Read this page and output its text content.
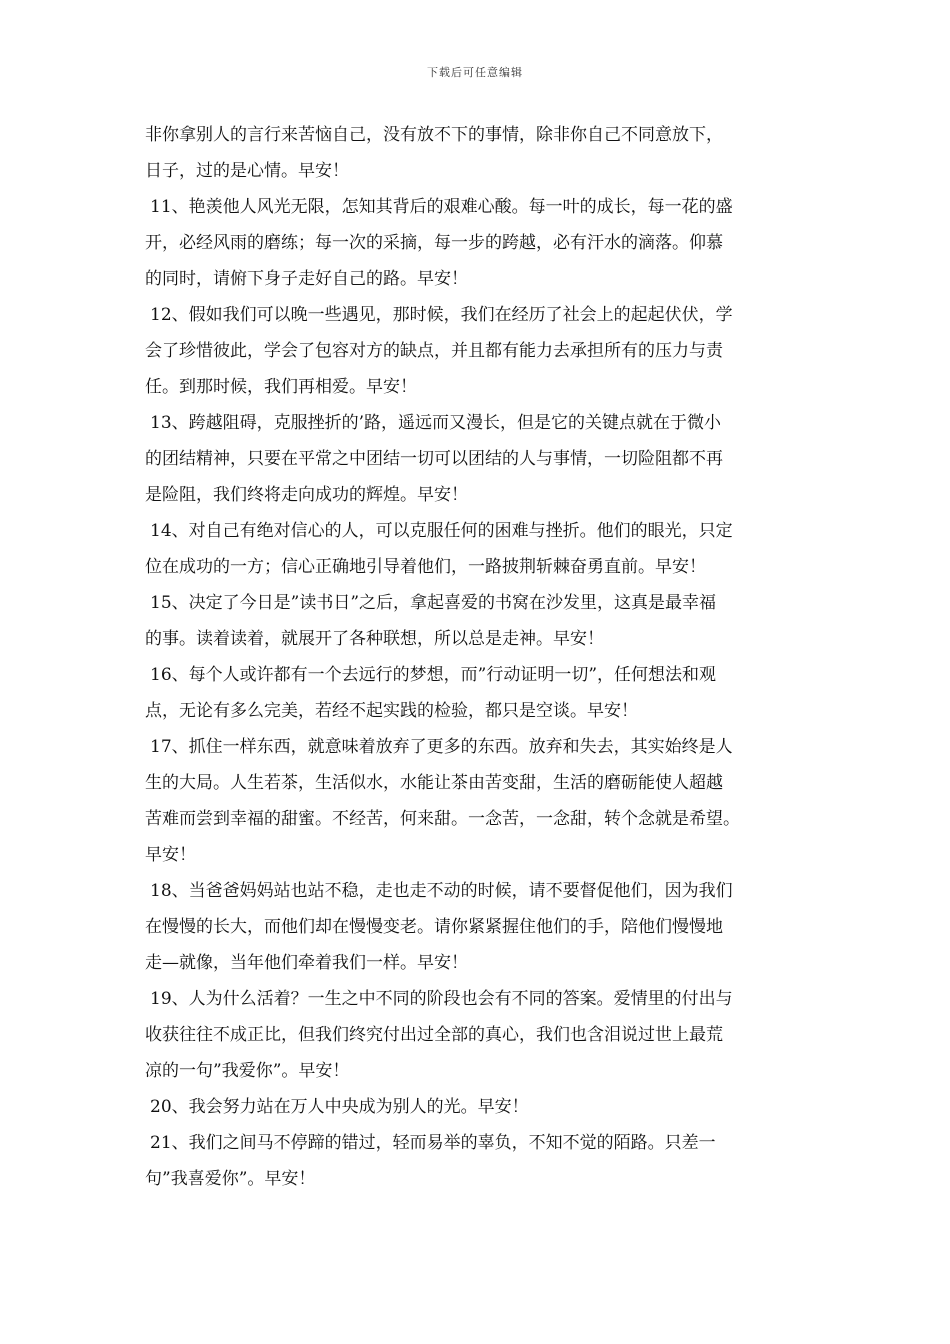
下载后可任意编辑
非你拿别人的言行来苦恼自己，没有放不下的事情，除非你自己不同意放下，
日子，过的是心情。早安！
11、艳羡他人风光无限，怎知其背后的艰难心酸。每一叶的成长，每一花的盛
开，必经风雨的磨练；每一次的采摘，每一步的跨越，必有汗水的滴落。仰慕
的同时，请俯下身子走好自己的路。早安！
12、假如我们可以晚一些遇见，那时候，我们在经历了社会上的起起伏伏，学
会了珍惜彼此，学会了包容对方的缺点，并且都有能力去承担所有的压力与责
任。到那时候，我们再相爱。早安！
13、跨越阻碍，克服挫折的’路，遥远而又漫长，但是它的关键点就在于微小
的团结精神，只要在平常之中团结一切可以团结的人与事情，一切险阻都不再
是险阻，我们终将走向成功的辉煌。早安！
14、对自己有绝对信心的人，可以克服任何的困难与挫折。他们的眼光，只定
位在成功的一方；信心正确地引导着他们，一路披荆斩棘奋勇直前。早安！
15、决定了今日是”读书日”之后，拿起喜爱的书窝在沙发里，这真是最幸福
的事。读着读着，就展开了各种联想，所以总是走神。早安！
16、每个人或许都有一个去远行的梦想，而”行动证明一切”，任何想法和观
点，无论有多么完美，若经不起实践的检验，都只是空谈。早安！
17、抓住一样东西，就意味着放弃了更多的东西。放弃和失去，其实始终是人
生的大局。人生若茶，生活似水，水能让茶由苦变甜，生活的磨砺能使人超越
苦难而尝到幸福的甜蜜。不经苦，何来甜。一念苦，一念甜，转个念就是希望。
早安！
18、当爸爸妈妈站也站不稳，走也走不动的时候，请不要督促他们，因为我们
在慢慢的长大，而他们却在慢慢变老。请你紧紧握住他们的手，陪他们慢慢地
走—就像，当年他们牵着我们一样。早安！
19、人为什么活着？一生之中不同的阶段也会有不同的答案。爱情里的付出与
收获往往不成正比，但我们终究付出过全部的真心，我们也含泪说过世上最荒
凉的一句”我爱你”。早安！
20、我会努力站在万人中央成为别人的光。早安！
21、我们之间马不停蹄的错过，轻而易举的辜负，不知不觉的陌路。只差一
句”我喜爱你”。早安！
